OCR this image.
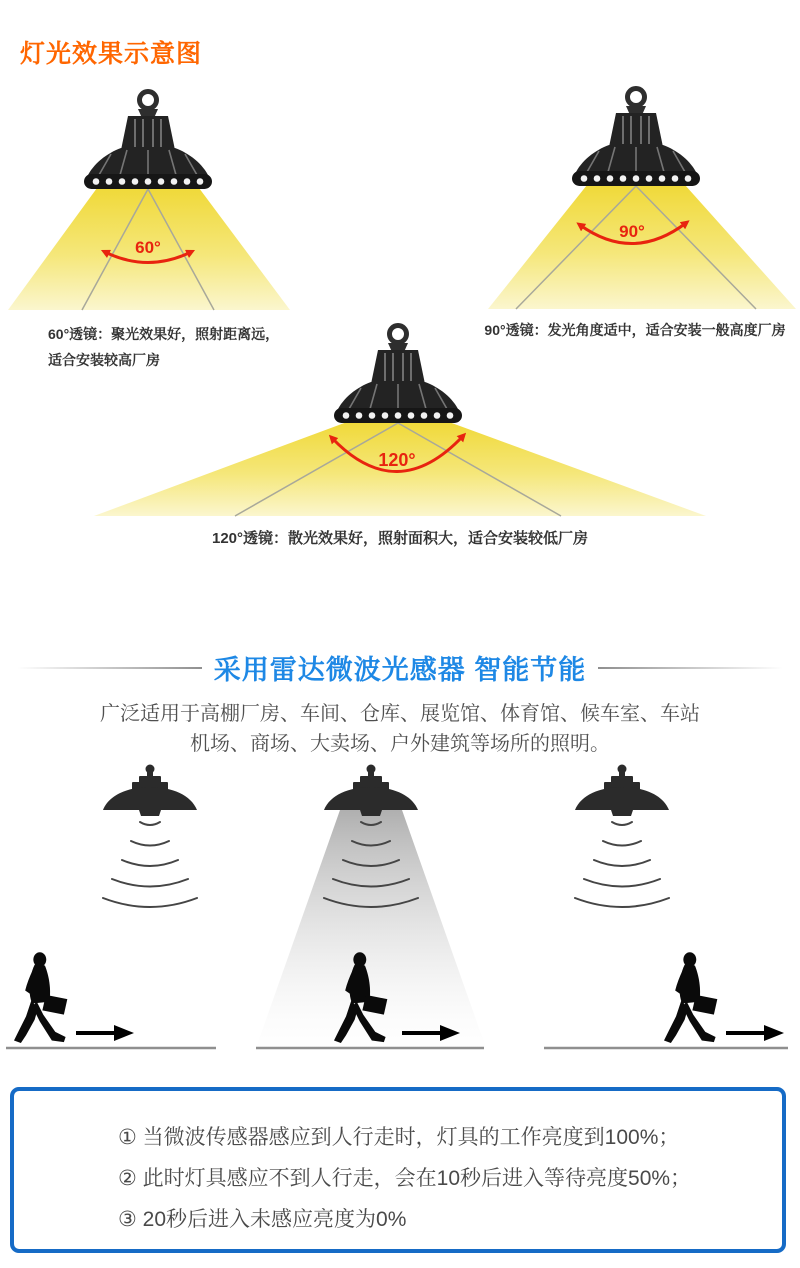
灯光效果示意图
60°
90°
120°
60°透镜：聚光效果好，照射距离远，
适合安装较高厂房
90°透镜：发光角度适中，适合安装一般高度厂房
120°透镜：散光效果好，照射面积大，适合安装较低厂房
采用雷达微波光感器 智能节能
广泛适用于高棚厂房、车间、仓库、展览馆、体育馆、候车室、车站
机场、商场、大卖场、户外建筑等场所的照明。
① 当微波传感器感应到人行走时，灯具的工作亮度到100%；
② 此时灯具感应不到人行走，会在10秒后进入等待亮度50%；
③ 20秒后进入未感应亮度为0%
